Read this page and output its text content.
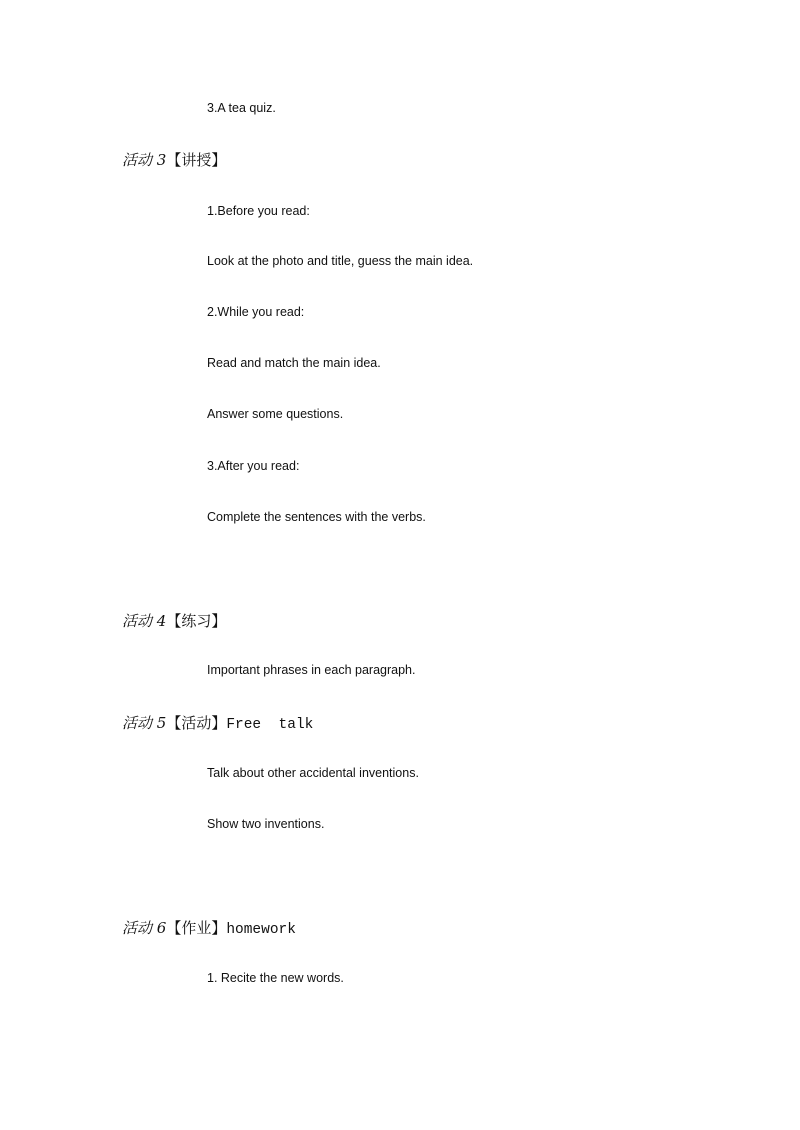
3.A tea quiz.
活动 3【讲授】
1.Before you read:
Look at the photo and title, guess the main idea.
2.While you read:
Read and match the main idea.
Answer some questions.
3.After you read:
Complete the sentences with the verbs.
活动 4【练习】
Important phrases in each paragraph.
活动 5【活动】Free  talk
Talk about other accidental inventions.
Show two inventions.
活动 6【作业】homework
1. Recite the new words.
